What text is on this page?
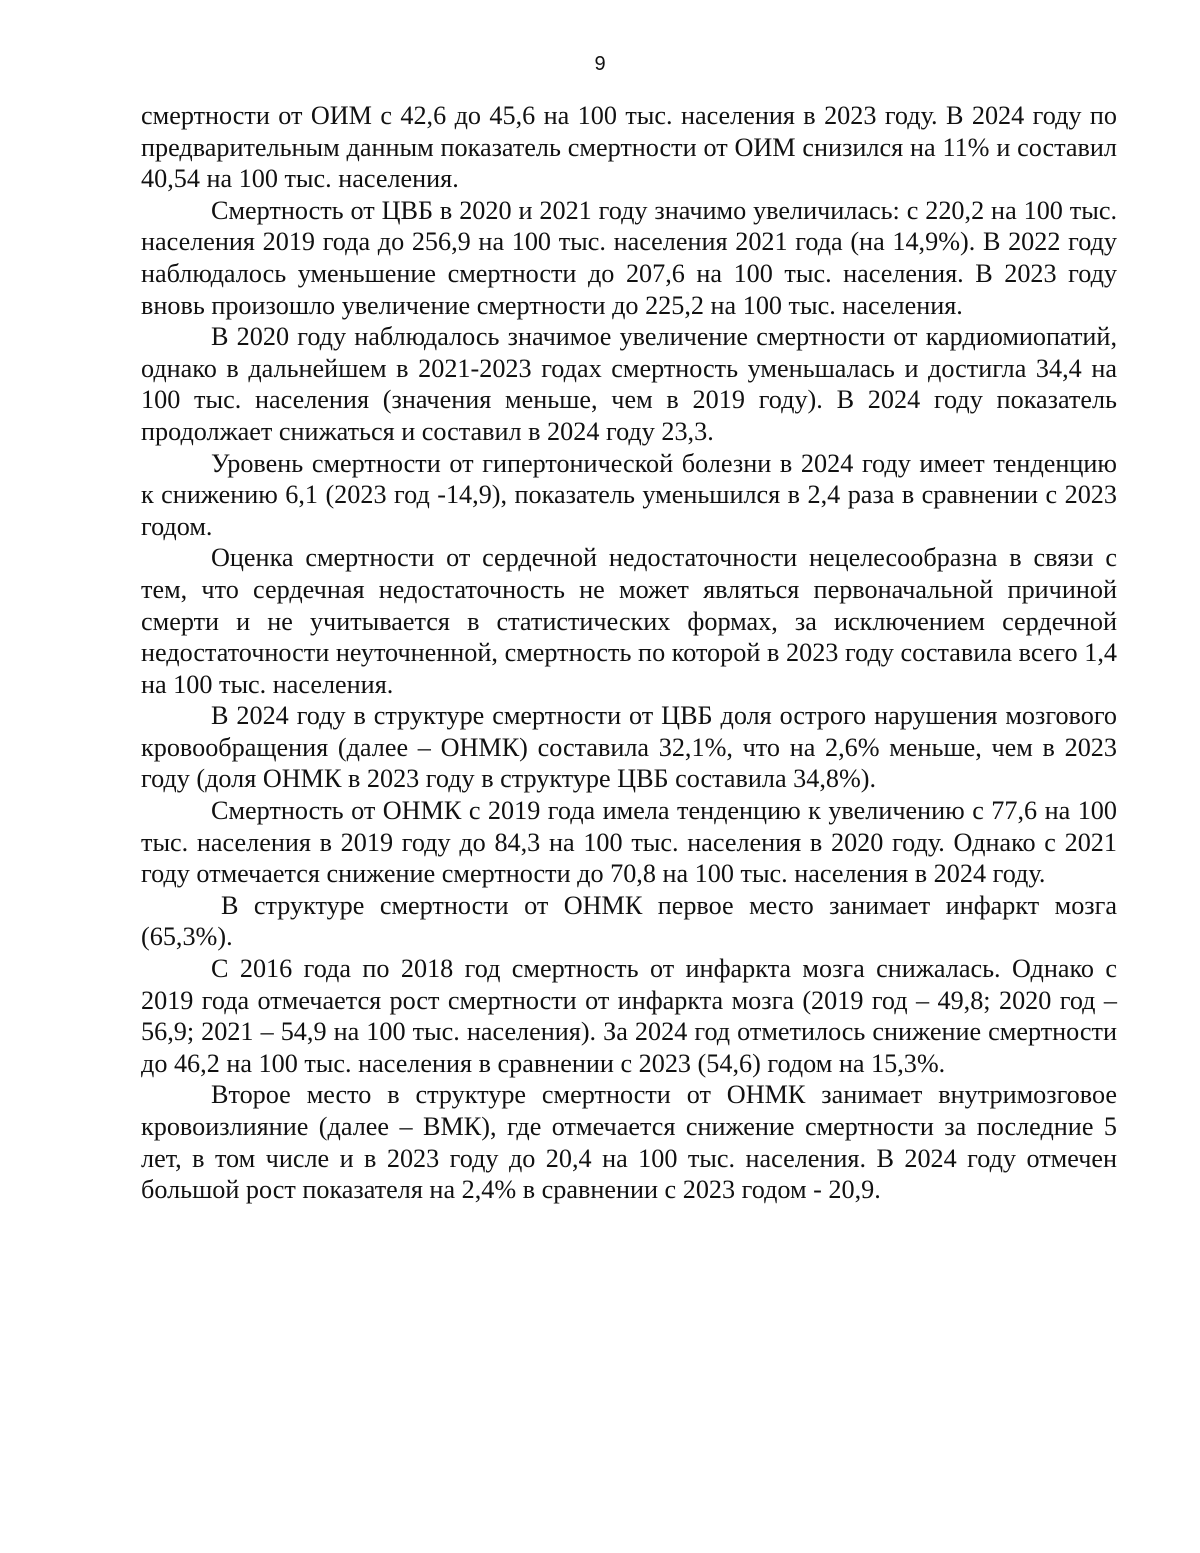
9

смертности от ОИМ с 42,6 до 45,6 на 100 тыс. населения в 2023 году. В 2024 году по предварительным данным показатель смертности от ОИМ снизился на 11% и составил 40,54 на 100 тыс. населения.

Смертность от ЦВБ в 2020 и 2021 году значимо увеличилась: с 220,2 на 100 тыс. населения 2019 года до 256,9 на 100 тыс. населения 2021 года (на 14,9%). В 2022 году наблюдалось уменьшение смертности до 207,6 на 100 тыс. населения. В 2023 году вновь произошло увеличение смертности до 225,2 на 100 тыс. населения.

В 2020 году наблюдалось значимое увеличение смертности от кардиомиопатий, однако в дальнейшем в 2021-2023 годах смертность уменьшалась и достигла 34,4 на 100 тыс. населения (значения меньше, чем в 2019 году). В 2024 году показатель продолжает снижаться и составил в 2024 году 23,3.

Уровень смертности от гипертонической болезни в 2024 году имеет тенденцию к снижению 6,1 (2023 год -14,9), показатель уменьшился в 2,4 раза в сравнении с 2023 годом.

Оценка смертности от сердечной недостаточности нецелесообразна в связи с тем, что сердечная недостаточность не может являться первоначальной причиной смерти и не учитывается в статистических формах, за исключением сердечной недостаточности неуточненной, смертность по которой в 2023 году составила всего 1,4 на 100 тыс. населения.

В 2024 году в структуре смертности от ЦВБ доля острого нарушения мозгового кровообращения (далее – ОНМК) составила 32,1%, что на 2,6% меньше, чем в 2023 году (доля ОНМК в 2023 году в структуре ЦВБ составила 34,8%).

Смертность от ОНМК с 2019 года имела тенденцию к увеличению с 77,6 на 100 тыс. населения в 2019 году до 84,3 на 100 тыс. населения в 2020 году. Однако с 2021 году отмечается снижение смертности до 70,8 на 100 тыс. населения в 2024 году.

В структуре смертности от ОНМК первое место занимает инфаркт мозга (65,3%).

С 2016 года по 2018 год смертность от инфаркта мозга снижалась. Однако с 2019 года отмечается рост смертности от инфаркта мозга (2019 год – 49,8; 2020 год – 56,9; 2021 – 54,9 на 100 тыс. населения). За 2024 год отметилось снижение смертности до 46,2 на 100 тыс. населения в сравнении с 2023 (54,6) годом на 15,3%.

Второе место в структуре смертности от ОНМК занимает внутримозговое кровоизлияние (далее – ВМК), где отмечается снижение смертности за последние 5 лет, в том числе и в 2023 году до 20,4 на 100 тыс. населения. В 2024 году отмечен большой рост показателя на 2,4% в сравнении с 2023 годом - 20,9.
